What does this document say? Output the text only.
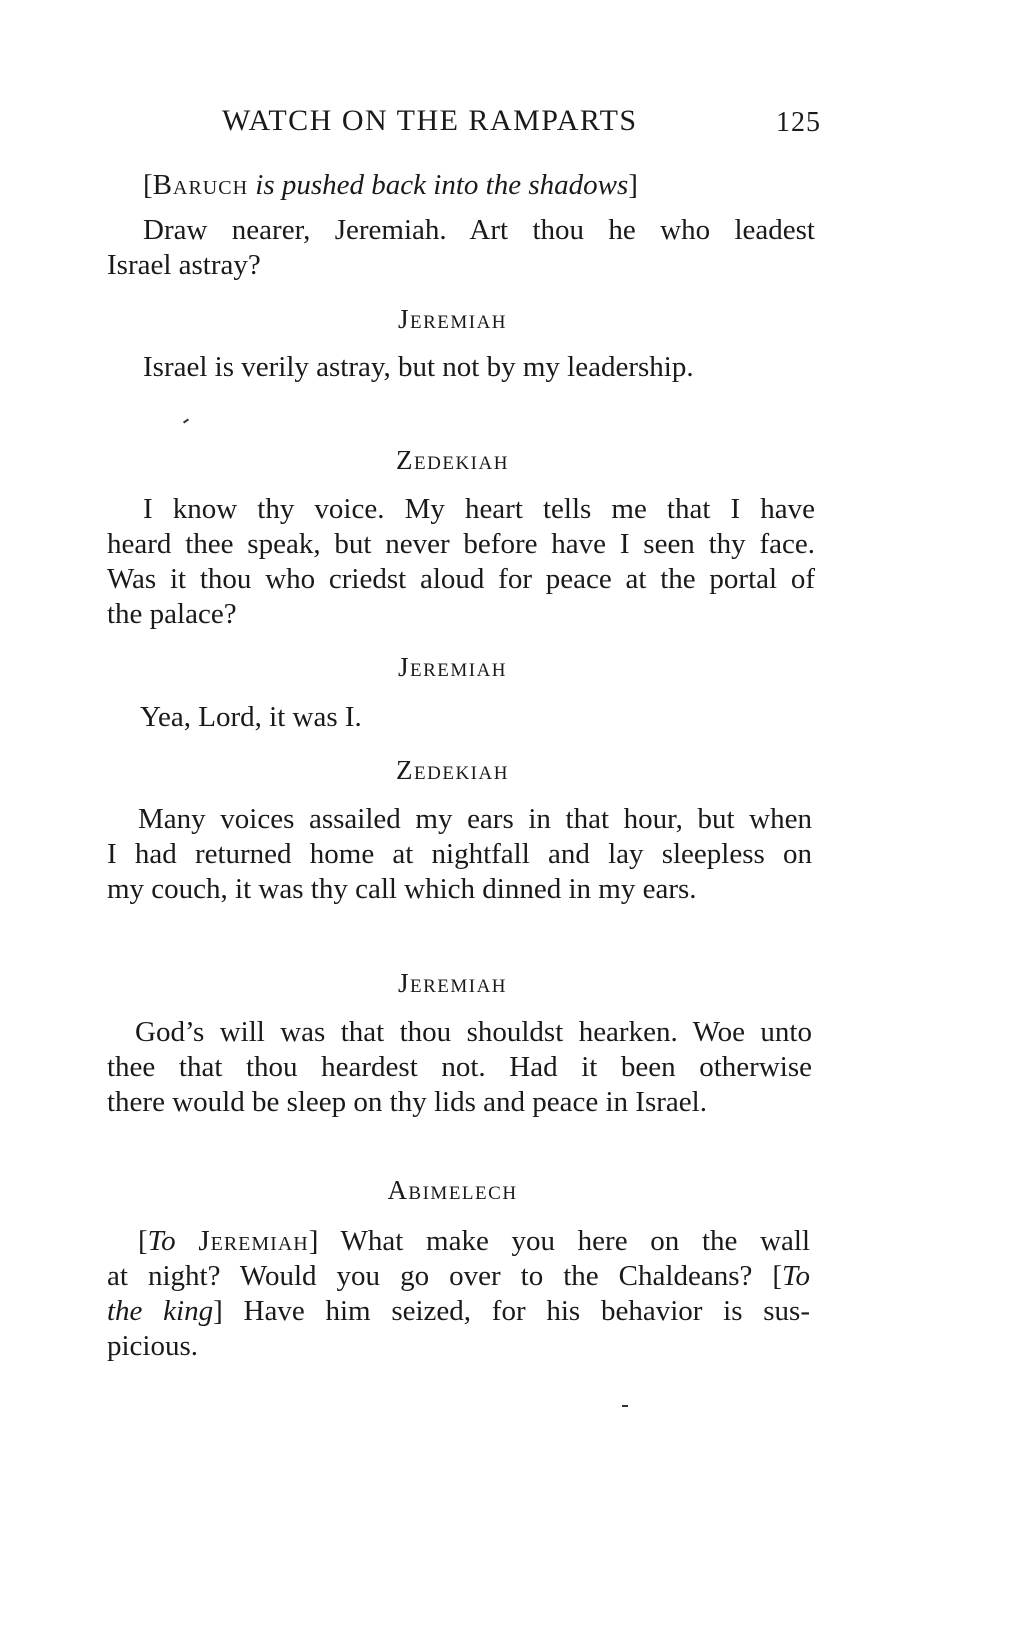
WATCH ON THE RAMPARTS	125
[Baruch is pushed back into the shadows]
Draw nearer, Jeremiah. Art thou he who leadest
Israel astray?
Jeremiah
Israel is verily astray, but not by my leadership.
Zedekiah
I know thy voice. My heart tells me that I have
heard thee speak, but never before have I seen thy face.
Was it thou who criedst aloud for peace at the portal of
the palace?
Jeremiah
Yea, Lord, it was I.
Zedekiah
Many voices assailed my ears in that hour, but when
I had returned home at nightfall and lay sleepless on
my couch, it was thy call which dinned in my ears.
Jeremiah
God’s will was that thou shouldst hearken. Woe unto
thee that thou heardest not. Had it been otherwise
there would be sleep on thy lids and peace in Israel.
Abimelech
[To Jeremiah] What make you here on the wall
at night? Would you go over to the Chaldeans? [To
the king] Have him seized, for his behavior is sus-
picious.
